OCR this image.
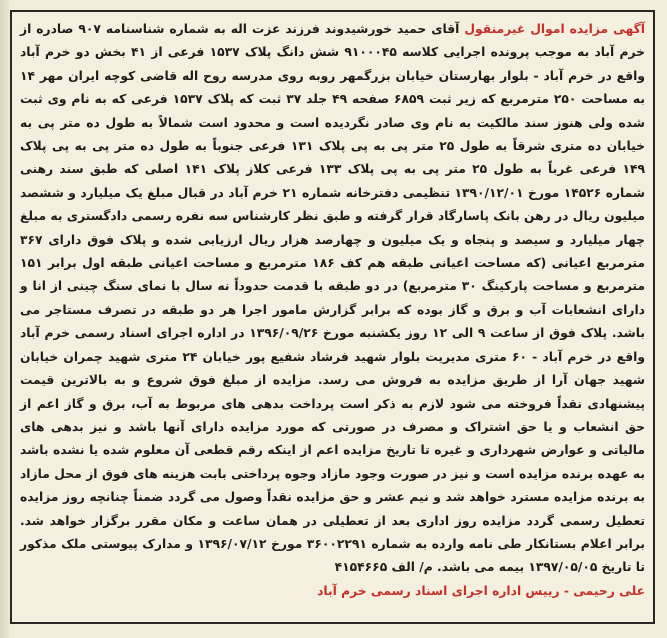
آگهی مزایده اموال غیرمنقول آقای حمید خورشیدوند فرزند عزت اله به شماره شناسنامه ۹۰۷ صادره از خرم آباد به موجب پرونده اجرایی کلاسه ۹۱۰۰۰۴۵ شش دانگ پلاک ۱۵۳۷ فرعی از ۴۱ بخش دو خرم آباد واقع در خرم آباد - بلوار بهارستان خیابان بزرگمهر روبه روی مدرسه روح اله قاضی کوچه ایران مهر ۱۴ به مساحت ۲۵۰ مترمربع که زیر ثبت ۶۸۵۹ صفحه ۴۹ جلد ۳۷ ثبت که پلاک ۱۵۳۷ فرعی که به نام وی ثبت شده ولی هنوز سند مالکیت به نام وی صادر نگردیده است و محدود است شمالاً به طول ده متر پی به خیابان ده متری شرقاً به طول ۲۵ متر پی به پی پلاک ۱۳۱ فرعی جنوباً به طول ده متر پی به پی پلاک ۱۴۹ فرعی غرباً به طول ۲۵ متر پی به پی پلاک ۱۳۳ فرعی کلاز پلاک ۱۴۱ اصلی که طبق سند رهنی شماره ۱۴۵۲۶ مورخ ۱۳۹۰/۱۲/۰۱ تنظیمی دفترخانه شماره ۲۱ خرم آباد در قبال مبلغ یک میلیارد و ششصد میلیون ریال در رهن بانک پاسارگاد قرار گرفته و طبق نظر کارشناس سه نفره رسمی دادگستری به مبلغ چهار میلیارد و سیصد و پنجاه و یک میلیون و چهارصد هزار ریال ارزیابی شده و پلاک فوق دارای ۳۶۷ مترمربع اعیانی (که مساحت اعیانی طبقه هم کف ۱۸۶ مترمربع و مساحت اعیانی طبقه اول برابر ۱۵۱ مترمربع و مساحت پارکینگ ۳۰ مترمربع) در دو طبقه با قدمت حدوداً نه سال با نمای سنگ چینی از انا و دارای انشعابات آب و برق و گاز بوده که برابر گزارش مامور اجرا هر دو طبقه در تصرف مستاجر می باشد. پلاک فوق از ساعت ۹ الی ۱۲ روز یکشنبه مورخ ۱۳۹۶/۰۹/۲۶ در اداره اجرای اسناد رسمی خرم آباد واقع در خرم آباد - ۶۰ متری مدیریت بلوار شهید فرشاد شفیع پور خیابان ۲۴ متری شهید چمران خیابان شهید جهان آرا از طریق مزایده به فروش می رسد. مزایده از مبلغ فوق شروع و به بالاترین قیمت پیشنهادی نقداً فروخته می شود لازم به ذکر است پرداخت بدهی های مربوط به آب، برق و گاز اعم از حق انشعاب و یا حق اشتراک و مصرف در صورتی که مورد مزایده دارای آنها باشد و نیز بدهی های مالیاتی و عوارض شهرداری و غیره تا تاریخ مزایده اعم از اینکه رقم قطعی آن معلوم شده یا نشده باشد به عهده برنده مزایده است و نیز در صورت وجود مازاد وجوه پرداختی بابت هزینه های فوق از محل مازاد به برنده مزایده مسترد خواهد شد و نیم عشر و حق مزایده نقداً وصول می گردد ضمناً چنانچه روز مزایده تعطیل رسمی گردد مزایده روز اداری بعد از تعطیلی در همان ساعت و مکان مقرر برگزار خواهد شد. برابر اعلام بستانکار طی نامه وارده به شماره ۳۶۰۰۲۲۹۱ مورخ ۱۳۹۶/۰۷/۱۲ و مدارک پیوستی ملک مذکور تا تاریخ ۱۳۹۷/۰۵/۰۵ بیمه می باشد. م/ الف ۴۱۵۴۶۶۵

علی رحیمی - رییس اداره اجرای اسناد رسمی خرم آباد
